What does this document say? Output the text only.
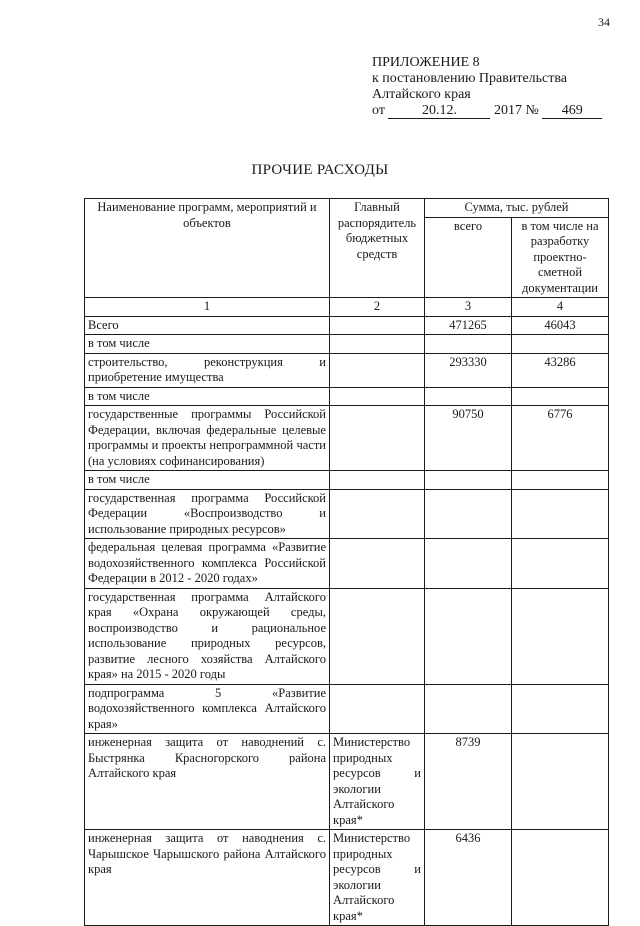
34
ПРИЛОЖЕНИЕ 8
к постановлению Правительства
Алтайского края
от	20.12.	2017 № 469
ПРОЧИЕ РАСХОДЫ
Наименование программ, мероприятий и объектов	Главный распорядитель бюджетных средств	Сумма, тыс. рублей	
		всего	в том числе на разработку проектно-сметной документации
1	2	3	4
Всего		471265	46043
в том числе			
строительство, реконструкция и приобретение имущества		293330	43286
в том числе			
государственные программы Российской Федерации, включая федеральные целевые программы и проекты непрограммной части (на условиях софинансирования)		90750	6776
в том числе			
государственная программа Российской Федерации «Воспроизводство и использование природных ресурсов»			
федеральная целевая программа «Развитие водохозяйственного комплекса Российской Федерации в 2012 - 2020 годах»			
государственная программа Алтайского края «Охрана окружающей среды, воспроизводство и рациональное использование природных ресурсов, развитие лесного хозяйства Алтайского края» на 2015 - 2020 годы			
подпрограмма 5 «Развитие водохозяйственного комплекса Алтайского края»			
инженерная защита от наводнений с. Быстрянка Красногорского района Алтайского края	Министерство природных ресурсов и экологии Алтайского края*	8739	
инженерная защита от наводнения с. Чарышское Чарышского района Алтайского края	Министерство природных ресурсов и экологии Алтайского края*	6436	
